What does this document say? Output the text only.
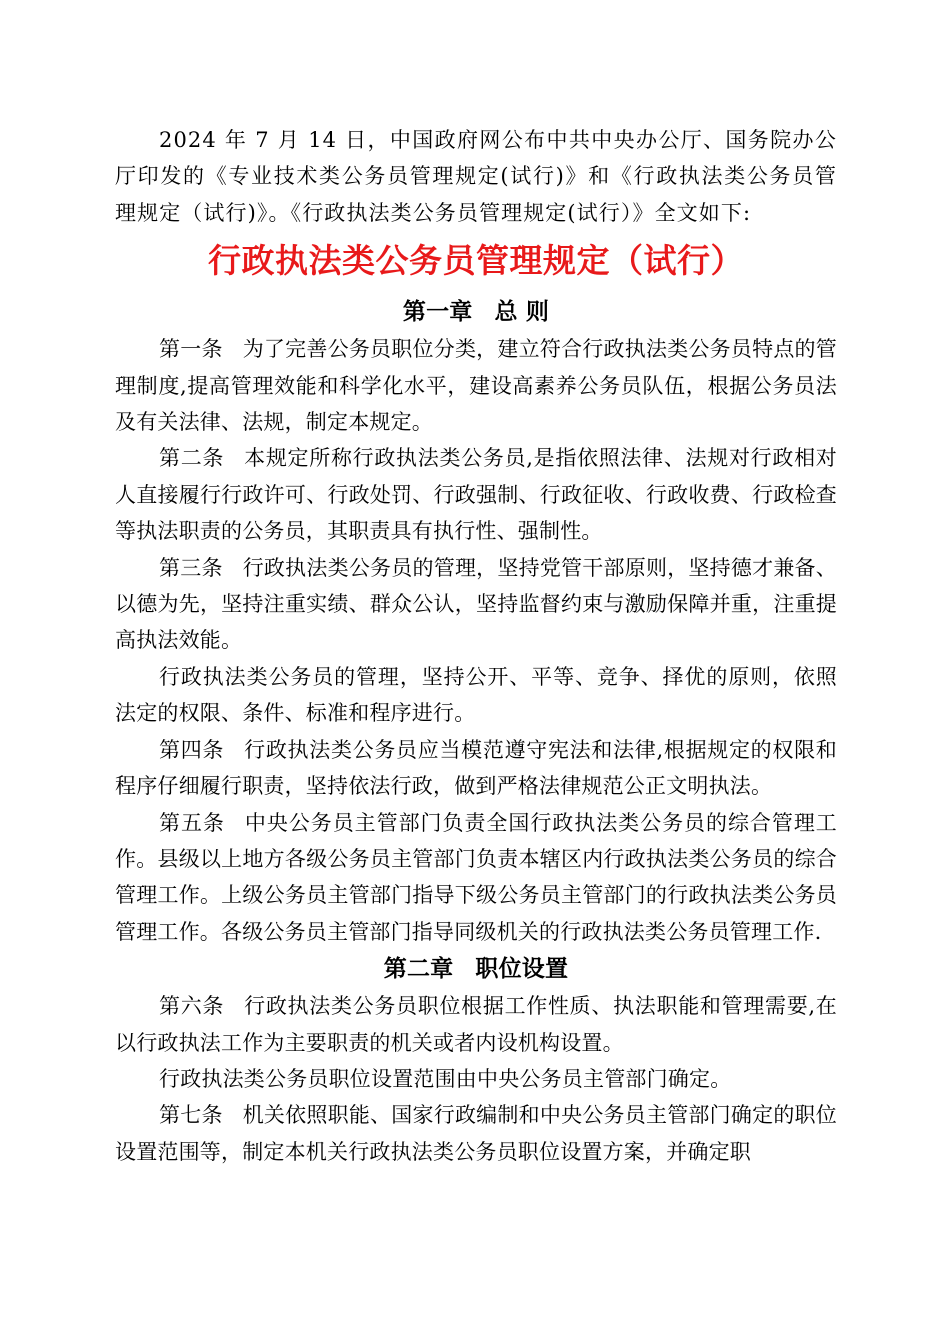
2024 年 7 月 14 日，中国政府网公布中共中央办公厅、国务院办公厅印发的《专业技术类公务员管理规定(试行)》和《行政执法类公务员管理规定（试行)》。《行政执法类公务员管理规定(试行）》全文如下:

行政执法类公务员管理规定（试行）
第一章 总 则

第一条 为了完善公务员职位分类，建立符合行政执法类公务员特点的管理制度,提高管理效能和科学化水平，建设高素养公务员队伍，根据公务员法及有关法律、法规，制定本规定。

第二条 本规定所称行政执法类公务员,是指依照法律、法规对行政相对人直接履行行政许可、行政处罚、行政强制、行政征收、行政收费、行政检查等执法职责的公务员，其职责具有执行性、强制性。

第三条 行政执法类公务员的管理，坚持党管干部原则，坚持德才兼备、以德为先，坚持注重实绩、群众公认，坚持监督约束与激励保障并重，注重提高执法效能。

行政执法类公务员的管理，坚持公开、平等、竞争、择优的原则，依照法定的权限、条件、标准和程序进行。

第四条 行政执法类公务员应当模范遵守宪法和法律,根据规定的权限和程序仔细履行职责，坚持依法行政，做到严格法律规范公正文明执法。

第五条 中央公务员主管部门负责全国行政执法类公务员的综合管理工作。县级以上地方各级公务员主管部门负责本辖区内行政执法类公务员的综合管理工作。上级公务员主管部门指导下级公务员主管部门的行政执法类公务员管理工作。各级公务员主管部门指导同级机关的行政执法类公务员管理工作.

第二章 职位设置

第六条 行政执法类公务员职位根据工作性质、执法职能和管理需要,在以行政执法工作为主要职责的机关或者内设机构设置。

行政执法类公务员职位设置范围由中央公务员主管部门确定。

第七条 机关依照职能、国家行政编制和中央公务员主管部门确定的职位设置范围等，制定本机关行政执法类公务员职位设置方案，并确定职
